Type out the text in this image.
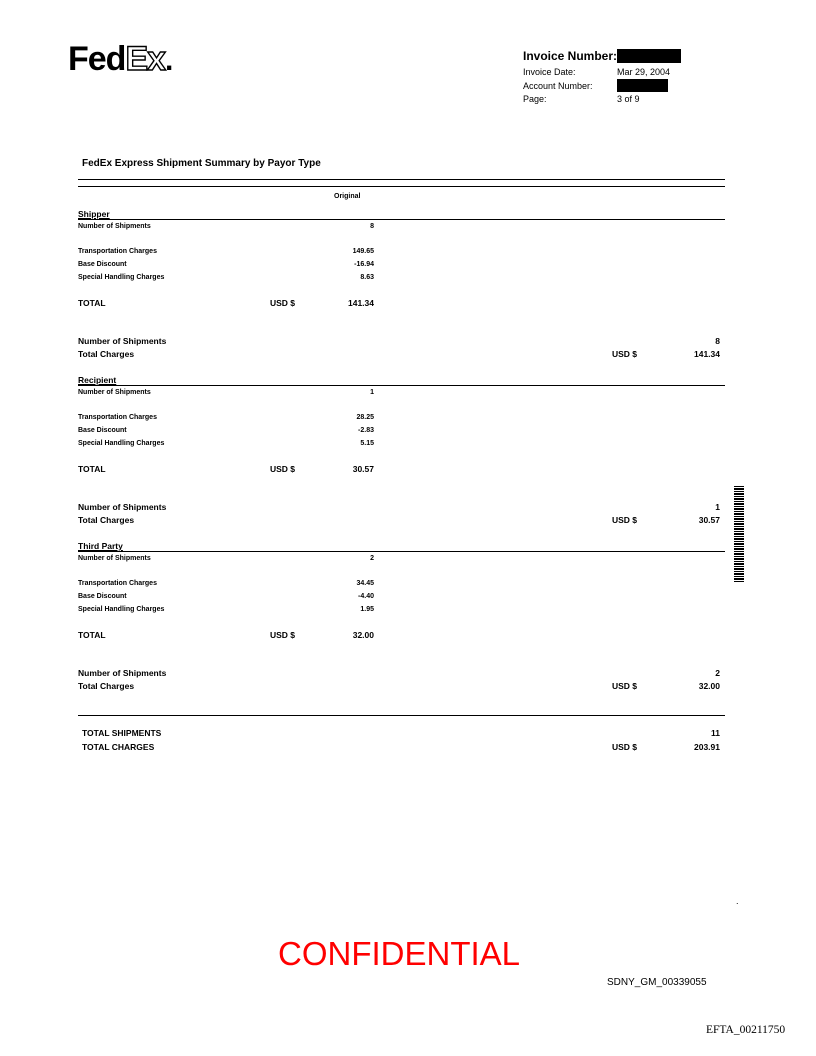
FedEx.	Invoice Number:
Invoice Date:	Mar 29, 2004
Account Number:
Page:	3 of 9
FedEx Express Shipment Summary by Payor Type
Original
Shipper
Number of Shipments	8
Transportation Charges	149.65
Base Discount	-16.94
Special Handling Charges	8.63
TOTAL	USD $	141.34
Number of Shipments	8
Total Charges	USD $	141.34
Recipient
Number of Shipments	1
Transportation Charges	28.25
Base Discount	-2.83
Special Handling Charges	5.15
TOTAL	USD $	30.57
Number of Shipments	1
Total Charges	USD $	30.57
Third Party
Number of Shipments	2
Transportation Charges	34.45
Base Discount	-4.40
Special Handling Charges	1.95
TOTAL	USD $	32.00
Number of Shipments	2
Total Charges	USD $	32.00
TOTAL SHIPMENTS	11
TOTAL CHARGES	USD $	203.91
.
CONFIDENTIAL
SDNY_GM_00339055
EFTA_00211750
